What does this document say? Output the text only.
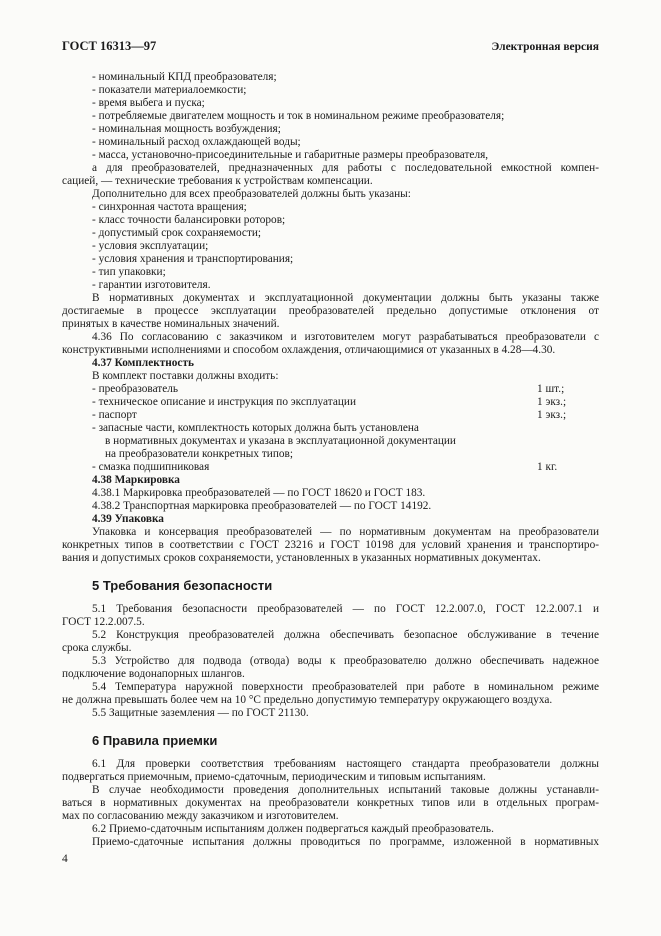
ГОСТ 16313—97	Электронная версия
- номинальный КПД преобразователя;
- показатели материалоемкости;
- время выбега и пуска;
- потребляемые двигателем мощность и ток в номинальном режиме преобразователя;
- номинальная мощность возбуждения;
- номинальный расход охлаждающей воды;
- масса, установочно-присоединительные и габаритные размеры преобразователя,
а для преобразователей, предназначенных для работы с последовательной емкостной компен-
сацией, — технические требования к устройствам компенсации.
Дополнительно для всех преобразователей должны быть указаны:
- синхронная частота вращения;
- класс точности балансировки роторов;
- допустимый срок сохраняемости;
- условия эксплуатации;
- условия хранения и транспортирования;
- тип упаковки;
- гарантии изготовителя.
В нормативных документах и эксплуатационной документации должны быть указаны также
достигаемые в процессе эксплуатации преобразователей предельно допустимые отклонения от
принятых в качестве номинальных значений.
4.36 По согласованию с заказчиком и изготовителем могут разрабатываться преобразователи с
конструктивными исполнениями и способом охлаждения, отличающимися от указанных в 4.28—4.30.
4.37 Комплектность
В комплект поставки должны входить:
- преобразователь	1 шт.;
- техническое описание и инструкция по эксплуатации	1 экз.;
- паспорт	1 экз.;
- запасные части, комплектность которых должна быть установлена
в нормативных документах и указана в эксплуатационной документации
на преобразователи конкретных типов;
- смазка подшипниковая	1 кг.
4.38 Маркировка
4.38.1 Маркировка преобразователей — по ГОСТ 18620 и ГОСТ 183.
4.38.2 Транспортная маркировка преобразователей — по ГОСТ 14192.
4.39 Упаковка
Упаковка и консервация преобразователей — по нормативным документам на преобразователи
конкретных типов в соответствии с ГОСТ 23216 и ГОСТ 10198 для условий хранения и транспортиро-
вания и допустимых сроков сохраняемости, установленных в указанных нормативных документах.
5 Требования безопасности
5.1 Требования безопасности преобразователей — по ГОСТ 12.2.007.0, ГОСТ 12.2.007.1 и
ГОСТ 12.2.007.5.
5.2 Конструкция преобразователей должна обеспечивать безопасное обслуживание в течение
срока службы.
5.3 Устройство для подвода (отвода) воды к преобразователю должно обеспечивать надежное
подключение водонапорных шлангов.
5.4 Температура наружной поверхности преобразователей при работе в номинальном режиме
не должна превышать более чем на 10 °С предельно допустимую температуру окружающего воздуха.
5.5 Защитные заземления — по ГОСТ 21130.
6 Правила приемки
6.1 Для проверки соответствия требованиям настоящего стандарта преобразователи должны
подвергаться приемочным, приемо-сдаточным, периодическим и типовым испытаниям.
В случае необходимости проведения дополнительных испытаний таковые должны устанавли-
ваться в нормативных документах на преобразователи конкретных типов или в отдельных програм-
мах по согласованию между заказчиком и изготовителем.
6.2 Приемо-сдаточным испытаниям должен подвергаться каждый преобразователь.
Приемо-сдаточные испытания должны проводиться по программе, изложенной в нормативных
4
